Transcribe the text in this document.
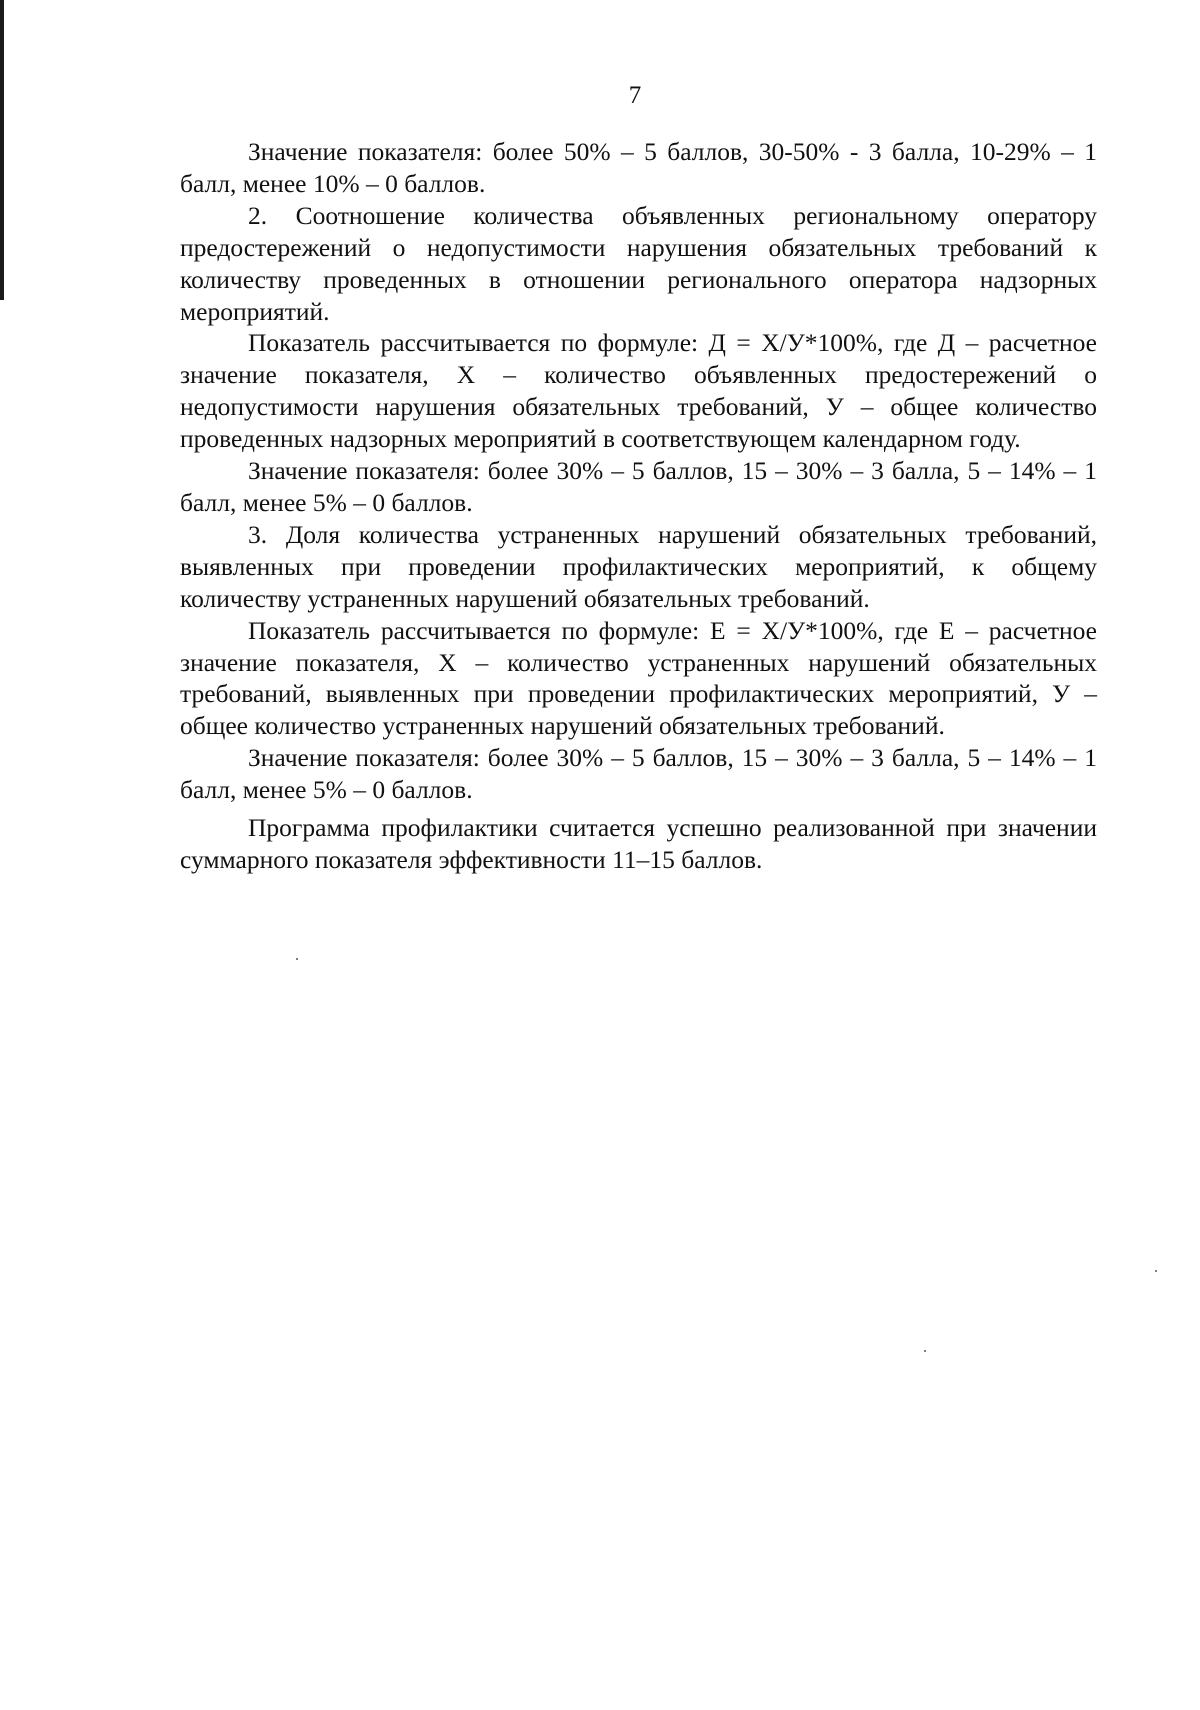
7

Значение показателя: более 50% – 5 баллов, 30-50% - 3 балла, 10-29% – 1 балл, менее 10% – 0 баллов.

2. Соотношение количества объявленных региональному оператору предостережений о недопустимости нарушения обязательных требований к количеству проведенных в отношении регионального оператора надзорных мероприятий.

Показатель рассчитывается по формуле: Д = Х/У*100%, где Д – расчетное значение показателя, Х – количество объявленных предостережений о недопустимости нарушения обязательных требований, У – общее количество проведенных надзорных мероприятий в соответствующем календарном году.

Значение показателя: более 30% – 5 баллов, 15 – 30% – 3 балла, 5 – 14% – 1 балл, менее 5% – 0 баллов.

3. Доля количества устраненных нарушений обязательных требований, выявленных при проведении профилактических мероприятий, к общему количеству устраненных нарушений обязательных требований.

Показатель рассчитывается по формуле: Е = Х/У*100%, где Е – расчетное значение показателя, Х – количество устраненных нарушений обязательных требований, выявленных при проведении профилактических мероприятий, У – общее количество устраненных нарушений обязательных требований.

Значение показателя: более 30% – 5 баллов, 15 – 30% – 3 балла, 5 – 14% – 1 балл, менее 5% – 0 баллов.

Программа профилактики считается успешно реализованной при значении суммарного показателя эффективности 11–15 баллов.
